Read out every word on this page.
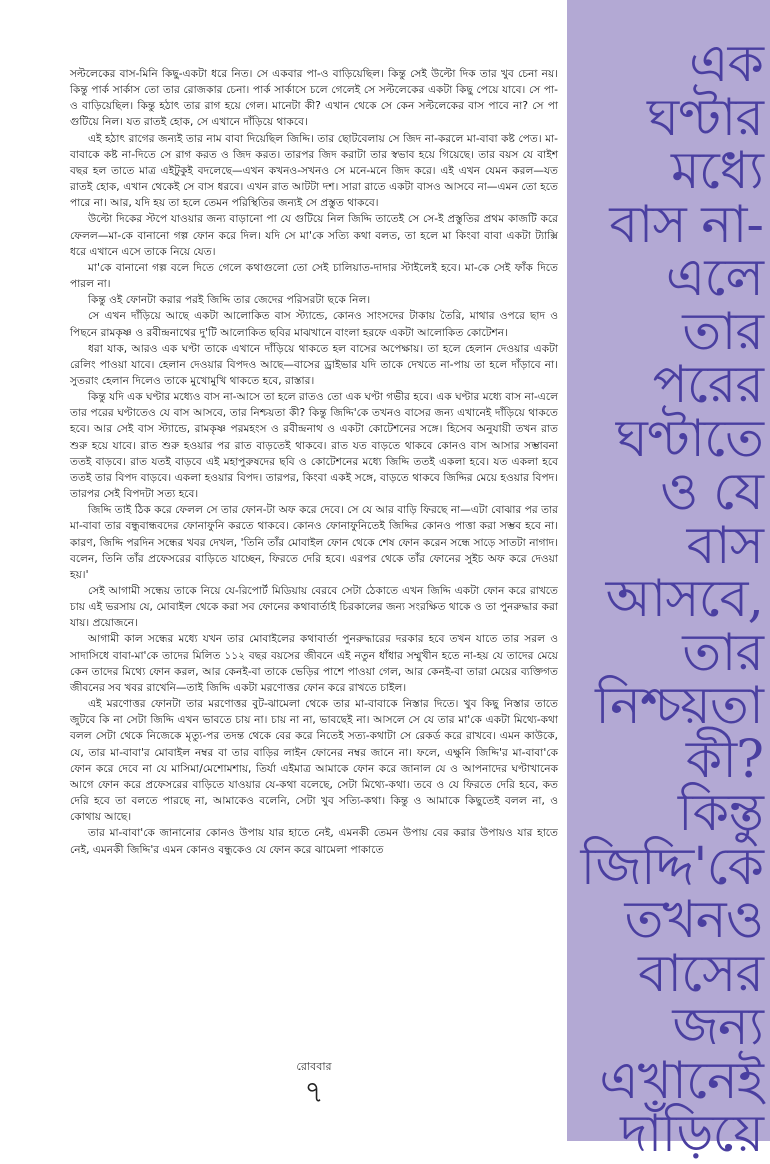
সল্টলেকের বাস-মিনি কিছু-একটা ধরে নিত। সে একবার পা-ও বাড়িয়েছিল। কিন্তু সেই উল্টো দিক তার খুব চেনা নয়। কিন্তু পার্ক সার্কাস তো তার রোজকার চেনা। পার্ক সার্কাসে চলে গেলেই সে সল্টলেকের একটা কিছু পেয়ে যাবে। সে পা-ও বাড়িয়েছিল। কিন্তু হঠাৎ তার রাগ হয়ে গেল। মানেটা কী? এখান থেকে সে কেন সল্টলেকের বাস পাবে না? সে পা গুটিয়ে নিল। যত রাতই হোক, সে এখানে দাঁড়িয়ে থাকবে।

এই হঠাৎ রাগের জন্যই তার নাম বাবা দিয়েছিল জিদ্দি। তার ছোটবেলায় সে জিদ না-করলে মা-বাবা কষ্ট পেত। মা-বাবাকে কষ্ট না-দিতে সে রাগ করত ও জিদ করত। তারপর জিদ করাটা তার স্বভাব হয়ে গিয়েছে। তার বয়স যে বাইশ বছর হল তাতে মাত্র এইটুকুই বদলেছে—এখন কখনও-সখনও সে মনে-মনে জিদ করে। এই এখন যেমন করল—যত রাতই হোক, এখান থেকেই সে বাস ধরবে। এখন রাত আটটা দশ। সারা রাতে একটা বাসও আসবে না—এমন তো হতে পারে না। আর, যদি হয় তা হলে তেমন পরিস্থিতির জন্যই সে প্রস্তুত থাকবে।

উল্টো দিকের স্টপে যাওয়ার জন্য বাড়ানো পা যে গুটিয়ে নিল জিদ্দি তাতেই সে সে-ই প্রস্তুতির প্রথম কাজটি করে ফেলল—মা-কে বানানো গল্প ফোন করে দিল। যদি সে মা'কে সত্যি কথা বলত, তা হলে মা কিংবা বাবা একটা ট্যাক্সি ধরে এখানে এসে তাকে নিয়ে যেত।

মা'কে বানানো গল্প বলে দিতে গেলে কথাগুলো তো সেই চালিয়াত-দাদার স্টাইলেই হবে। মা-কে সেই ফাঁক দিতে পারল না।

কিন্তু ওই ফোনটা করার পরই জিদ্দি তার জেদের পরিসরটা ছকে নিল।

সে এখন দাঁড়িয়ে আছে একটা আলোকিত বাস স্ট্যান্ডে, কোনও সাংসদের টাকায় তৈরি, মাথার ওপরে ছাদ ও পিছনে রামকৃষ্ণ ও রবীন্দ্রনাথের দু'টি আলোকিত ছবির মাঝখানে বাংলা হরফে একটা আলোকিত কোটেশন।

ধরা যাক, আরও এক ঘণ্টা তাকে এখানে দাঁড়িয়ে থাকতে হল বাসের অপেক্ষায়। তা হলে হেলান দেওয়ার একটা রেলিং পাওয়া যাবে। হেলান দেওয়ার বিপদও আছে—বাসের ড্রাইভার যদি তাকে দেখতে না-পায় তা হলে দাঁড়াবে না। সুতরাং হেলান দিলেও তাকে মুখোমুখি থাকতে হবে, রাস্তার।

কিন্তু যদি এক ঘণ্টার মধ্যেও বাস না-আসে তা হলে রাতও তো এক ঘণ্টা গভীর হবে। এক ঘণ্টার মধ্যে বাস না-এলে তার পরের ঘণ্টাতেও যে বাস আসবে, তার নিশ্চয়তা কী? কিন্তু জিদ্দি'কে তখনও বাসের জন্য এখানেই দাঁড়িয়ে থাকতে হবে। আর সেই বাস স্ট্যান্ডে, রামকৃষ্ণ পরমহংস ও রবীন্দ্রনাথ ও একটা কোটেশনের সঙ্গে। হিসেব অনুযায়ী তখন রাত শুরু হয়ে যাবে। রাত শুরু হওয়ার পর রাত বাড়তেই থাকবে। রাত যত বাড়তে থাকবে কোনও বাস আসার সম্ভাবনা ততই বাড়বে। রাত যতই বাড়বে এই মহাপুরুষদের ছবি ও কোটেশনের মধ্যে জিদ্দি ততই একলা হবে। যত একলা হবে ততই তার বিপদ বাড়বে। একলা হওয়ার বিপদ। তারপর, কিংবা একই সঙ্গে, বাড়তে থাকবে জিদ্দির মেয়ে হওয়ার বিপদ। তারপর সেই বিপদটা সত্য হবে।

জিদ্দি তাই ঠিক করে ফেলল সে তার ফোন-টা অফ করে দেবে। সে যে আর বাড়ি ফিরছে না—এটা বোঝার পর তার মা-বাবা তার বন্ধুবান্ধবদের ফোনাফুনি করতে থাকবে। কোনও ফোনাফুনিতেই জিদ্দির কোনও পাত্তা করা সম্ভব হবে না। কারণ, জিদ্দি পরদিন সন্ধের খবর দেখল, 'তিনি তাঁর মোবাইল ফোন থেকে শেষ ফোন করেন সন্ধে সাড়ে সাতটা নাগাদ। বলেন, তিনি তাঁর প্রফেসরের বাড়িতে যাচ্ছেন, ফিরতে দেরি হবে। এরপর থেকে তাঁর ফোনের সুইচ অফ করে দেওয়া হয়।'

সেই আগামী সন্ধেয় তাকে নিয়ে যে-রিপোর্ট মিডিয়ায় বেরবে সেটা ঠেকাতে এখন জিদ্দি একটা ফোন করে রাখতে চায় এই ভরসায় যে, মোবাইল থেকে করা সব ফোনের কথাবার্তাই চিরকালের জন্য সংরক্ষিত থাকে ও তা পুনরুদ্ধার করা যায়। প্রয়োজনে।

আগামী কাল সন্ধের মধ্যে যখন তার মোবাইলের কথাবার্তা পুনরুদ্ধারের দরকার হবে তখন যাতে তার সরল ও সাদাসিধে বাবা-মা'কে তাদের মিলিত ১১২ বছর বয়সের জীবনে এই নতুন ধাঁধার সম্মুখীন হতে না-হয় যে তাদের মেয়ে কেন তাদের মিথ্যে ফোন করল, আর কেনই-বা তাকে ভেড়ির পাশে পাওয়া গেল, আর কেনই-বা তারা মেয়ের ব্যক্তিগত জীবনের সব খবর রাখেনি—তাই জিদ্দি একটা মরণোত্তর ফোন করে রাখতে চাইল।

এই মরণোত্তর ফোনটা তার মরণোত্তর বুট-ঝামেলা থেকে তার মা-বাবাকে নিস্তার দিতে। খুব কিছু নিস্তার তাতে জুটবে কি না সেটা জিদ্দি এখন ভাবতে চায় না। চায় না না, ভাবছেই না। আসলে সে যে তার মা'কে একটা মিথ্যে-কথা বলল সেটা থেকে নিজেকে মৃত্যু-পর তদন্ত থেকে বের করে নিতেই সত্য-কথাটা সে রেকর্ড করে রাখবে। এমন কাউকে, যে, তার মা-বাবা'র মোবাইল নম্বর বা তার বাড়ির লাইন ফোনের নম্বর জানে না। ফলে, এক্ষুনি জিদ্দি'র মা-বাবা'কে ফোন করে দেবে না যে মাসিমা/মেশোমশায়, তির্যা এইমাত্র আমাকে ফোন করে জানাল যে ও আপনাদের ঘণ্টাখানেক আগে ফোন করে প্রফেসরের বাড়িতে যাওয়ার যে-কথা বলেছে, সেটা মিথ্যে-কথা। তবে ও যে ফিরতে দেরি হবে, কত দেরি হবে তা বলতে পারছে না, আমাকেও বলেনি, সেটা খুব সত্যি-কথা। কিন্তু ও আমাকে কিছুতেই বলল না, ও কোথায় আছে।

তার মা-বাবা'কে জানানোর কোনও উপায় যার হাতে নেই, এমনকী তেমন উপায় বের করার উপায়ও যার হাতে নেই, এমনকী জিদ্দি'র এমন কোনও বন্ধুকেও যে ফোন করে ঝামেলা পাকাতে

এক
ঘণ্টার
মধ্যে
বাস না-
এলে
তার
পরের
ঘণ্টাতে
ও যে
বাস
আসবে,
তার
নিশ্চয়তা
কী?
কিন্তু
জিদ্দি'কে
তখনও
বাসের
জন্য
এখানেই
দাঁড়িয়ে
রোববার
৭
